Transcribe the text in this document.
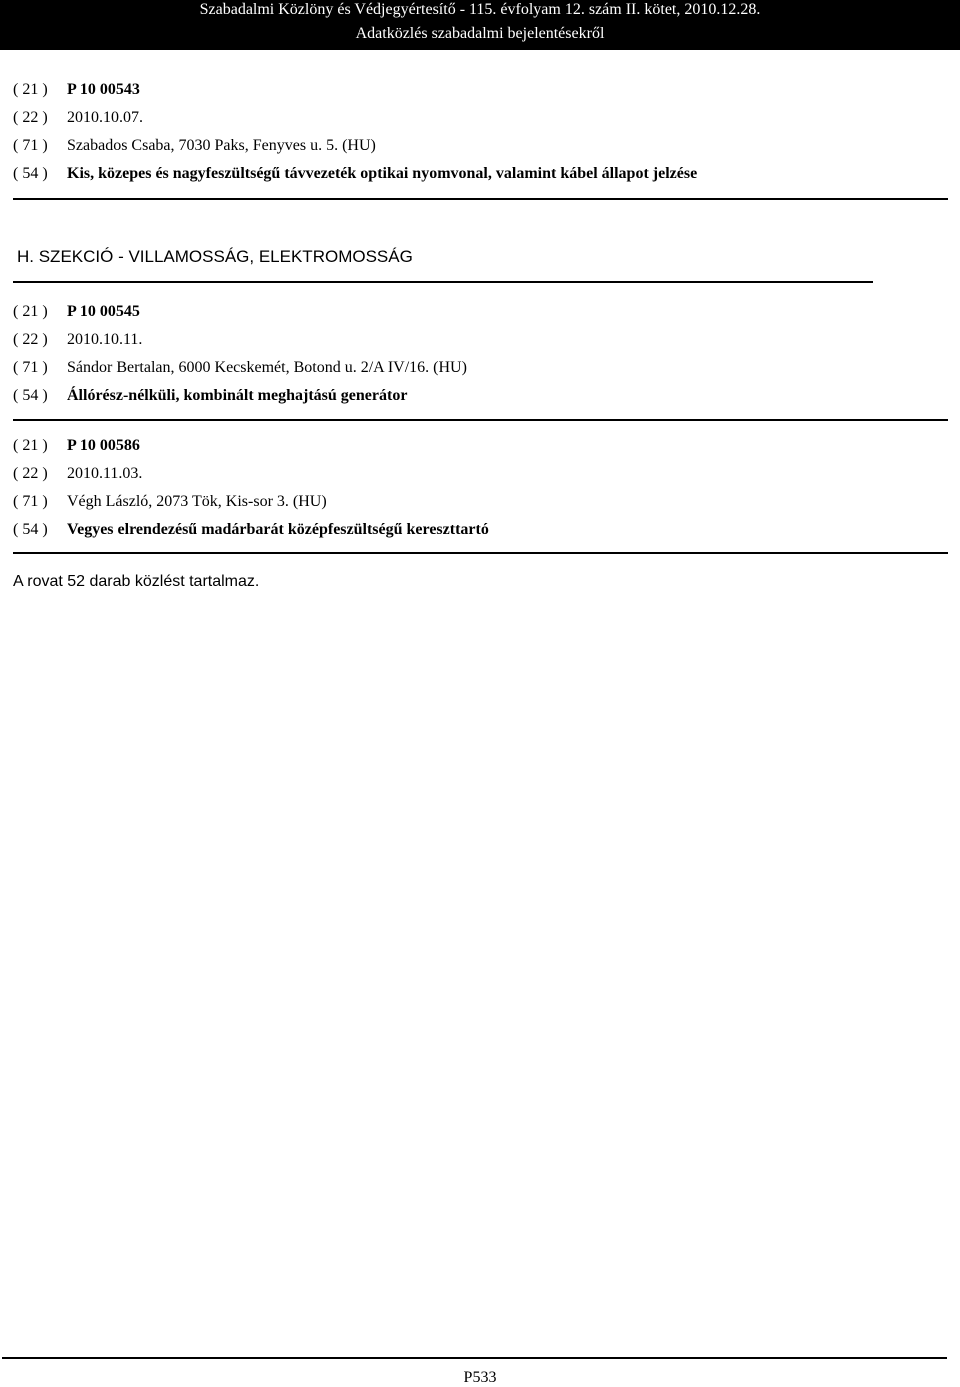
Szabadalmi Közlöny és Védjegyértesítő - 115. évfolyam 12. szám II. kötet, 2010.12.28.
Adatközlés szabadalmi bejelentésekről
( 21 ) P 10 00543
( 22 ) 2010.10.07.
( 71 ) Szabados Csaba, 7030 Paks, Fenyves u. 5. (HU)
( 54 ) Kis, közepes és nagyfeszültségű távvezeték optikai nyomvonal, valamint kábel állapot jelzése
H. SZEKCIÓ - VILLAMOSSÁG, ELEKTROMOSSÁG
( 21 ) P 10 00545
( 22 ) 2010.10.11.
( 71 ) Sándor Bertalan, 6000 Kecskemét, Botond u. 2/A IV/16. (HU)
( 54 ) Állórész-nélküli, kombinált meghajtású generátor
( 21 ) P 10 00586
( 22 ) 2010.11.03.
( 71 ) Végh László, 2073 Tök, Kis-sor 3. (HU)
( 54 ) Vegyes elrendezésű madárbarát középfeszültségű kereszttartó
A rovat 52 darab közlést tartalmaz.
P533
